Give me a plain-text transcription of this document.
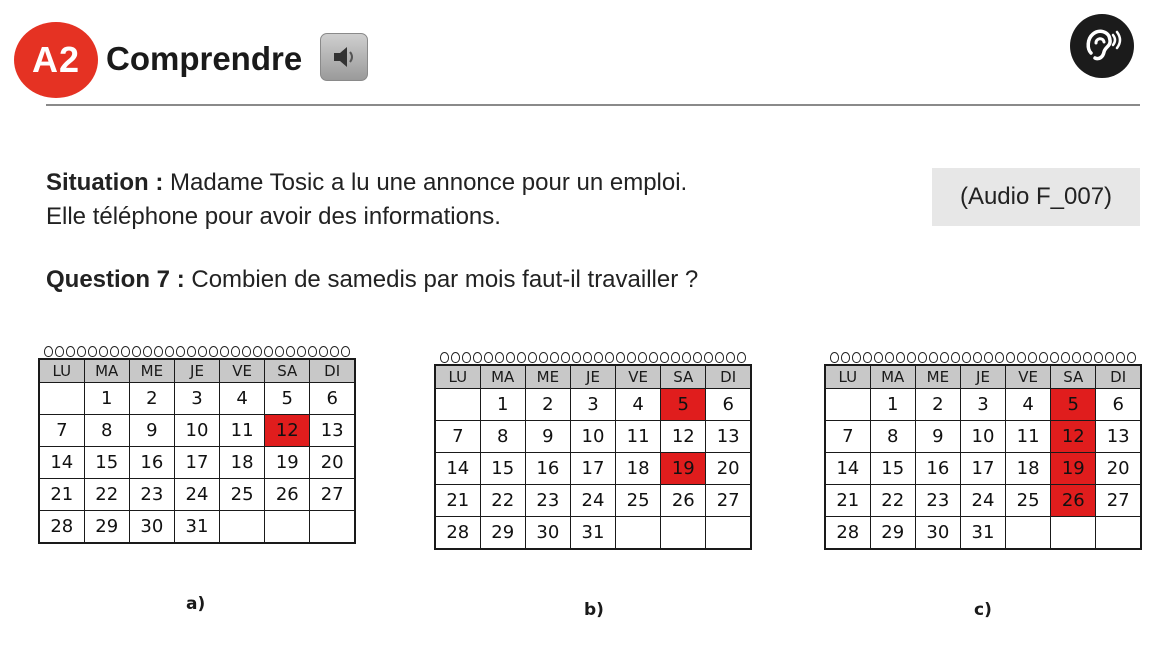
A2 Comprendre
Situation : Madame Tosic a lu une annonce pour un emploi.
Elle téléphone pour avoir des informations.
(Audio F_007)
Question 7 : Combien de samedis par mois faut-il travailler ?
LU	MA	ME	JE	VE	SA	DI
	1	2	3	4	5	6
7	8	9	10	11	12	13
14	15	16	17	18	19	20
21	22	23	24	25	26	27
28	29	30	31			
LU	MA	ME	JE	VE	SA	DI
	1	2	3	4	5	6
7	8	9	10	11	12	13
14	15	16	17	18	19	20
21	22	23	24	25	26	27
28	29	30	31			
LU	MA	ME	JE	VE	SA	DI
	1	2	3	4	5	6
7	8	9	10	11	12	13
14	15	16	17	18	19	20
21	22	23	24	25	26	27
28	29	30	31			
a)	b)	c)
